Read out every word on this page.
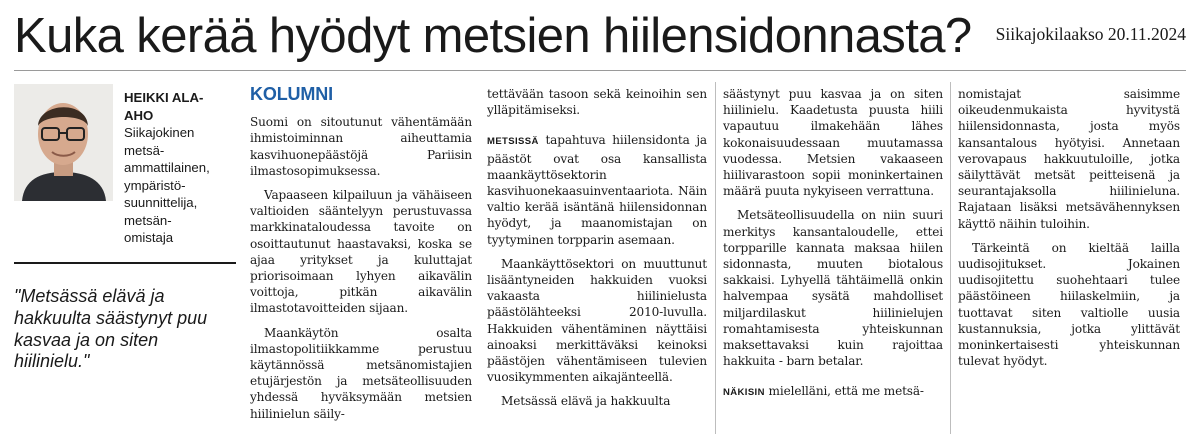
Kuka kerää hyödyt metsien hiilensidonnasta? Siikajokilaakso 20.11.2024
HEIKKI ALA-
AHO
Siikajokinen
metsä-
ammattilainen,
ympäristö-
suunnittelija,
metsän-
omistaja
"Metsässä elävä ja hakkuulta säästynyt puu kasvaa ja on siten hiilinielu."
KOLUMNI

Suomi on sitoutunut vähentämään ihmistoiminnan aiheuttamia kasvihuonepäästöjä Pariisin ilmastosopimuksessa.

Vapaaseen kilpailuun ja vähäiseen valtioiden sääntelyyn perustuvassa markkinataloudessa tavoite on osoittautunut haastavaksi, koska se ajaa yritykset ja kuluttajat priorisoimaan lyhyen aikavälin voittoja, pitkän aikavälin ilmastotavoitteiden sijaan.

Maankäytön osalta ilmastopolitiikkamme perustuu käytännössä metsänomistajien etujärjestön ja metsäteollisuuden yhdessä hyväksymään metsien hiilinielun säily-

tettävään tasoon sekä keinoihin sen ylläpitämiseksi.

METSISSÄ tapahtuva hiilensidonta ja päästöt ovat osa kansallista maankäyttösektorin kasvihuonekaasuinventaariota. Näin valtio kerää isäntänä hiilensidonnan hyödyt, ja maanomistajan on tyytyminen torpparin asemaan.

Maankäyttösektori on muuttunut lisääntyneiden hakkuiden vuoksi vakaasta hiilinielusta päästölähteeksi 2010-luvulla. Hakkuiden vähentäminen näyttäisi ainoaksi merkittäväksi keinoksi päästöjen vähentämiseen tulevien vuosikymmenten aikajänteellä.

Metsässä elävä ja hakkuulta

säästynyt puu kasvaa ja on siten hiilinielu. Kaadetusta puusta hiili vapautuu ilmakehään lähes kokonaisuudessaan muutamassa vuodessa. Metsien vakaaseen hiilivarastoon sopii moninkertainen määrä puuta nykyiseen verrattuna.

Metsäteollisuudella on niin suuri merkitys kansantaloudelle, ettei torpparille kannata maksaa hiilen sidonnasta, muuten biotalous sakkaisi. Lyhyellä tähtäimellä onkin halvempaa sysätä mahdolliset miljardilaskut hiilinielujen romahtamisesta yhteiskunnan maksettavaksi kuin rajoittaa hakkuita - barn betalar.

NÄKISIN mielelläni, että me metsä-

nomistajat saisimme oikeudenmukaista hyvitystä hiilensidonnasta, josta myös kansantalous hyötyisi. Annetaan verovapaus hakkuutuloille, jotka säilyttävät metsät peitteisenä ja seurantajaksolla hiilinieluna. Rajataan lisäksi metsävähennyksen käyttö näihin tuloihin.

Tärkeintä on kieltää lailla uudisojitukset. Jokainen uudisojitettu suohehtaari tulee päästöineen hiilaskelmiin, ja tuottavat siten valtiolle uusia kustannuksia, jotka ylittävät moninkertaisesti yhteiskunnan tulevat hyödyt.
